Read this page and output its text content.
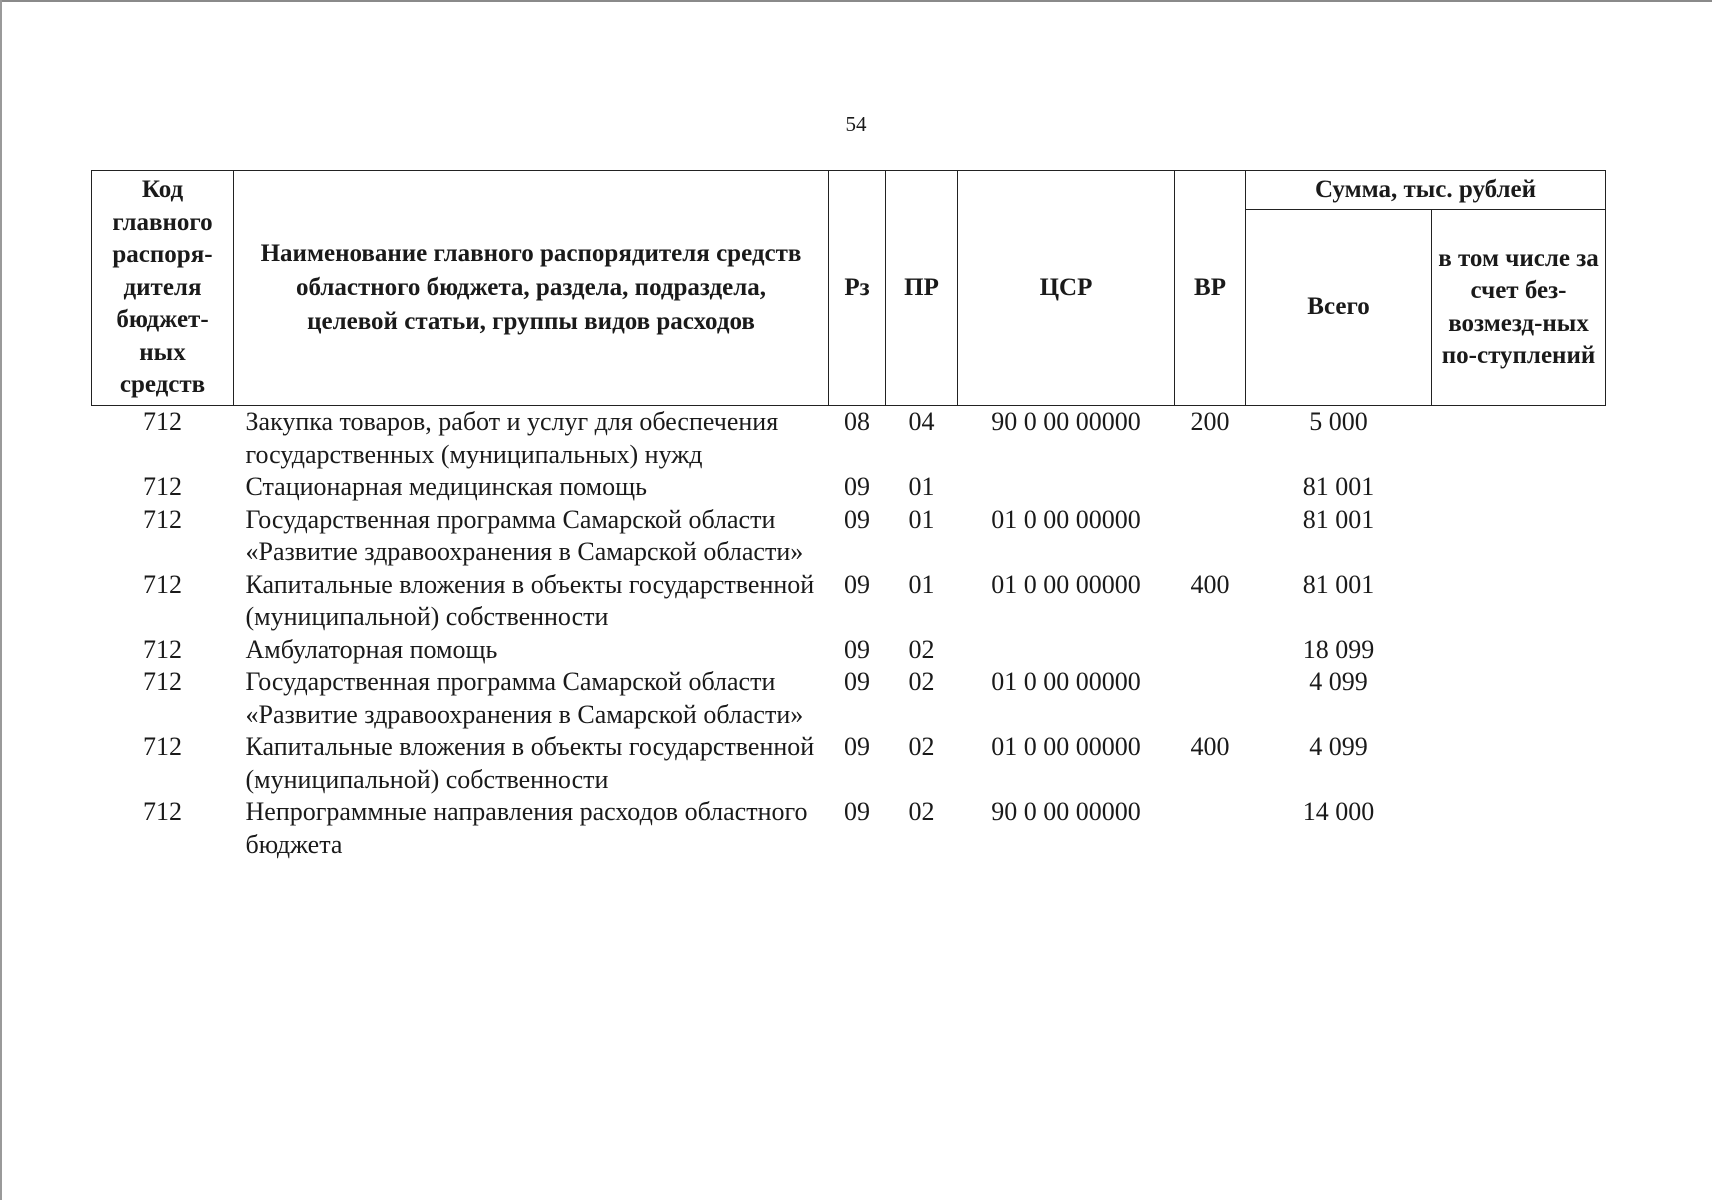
54
Код главного распоря-дителя бюджет-ных средств	Наименование главного распорядителя средств областного бюджета, раздела, подраздела, целевой статьи, группы видов расходов	Рз	ПР	ЦСР	ВР	Сумма, тыс. рублей	
						Всего	в том числе за счет без-возмезд-ных по-ступлений
712	Закупка товаров, работ и услуг для обеспечения государственных (муниципальных) нужд	08	04	90 0 00 00000	200	5 000	
712	Стационарная медицинская помощь	09	01			81 001	
712	Государственная программа Самарской области «Развитие здравоохранения в Самарской области»	09	01	01 0 00 00000		81 001	
712	Капитальные вложения в объекты государственной (муниципальной) собственности	09	01	01 0 00 00000	400	81 001	
712	Амбулаторная помощь	09	02			18 099	
712	Государственная программа Самарской области «Развитие здравоохранения в Самарской области»	09	02	01 0 00 00000		4 099	
712	Капитальные вложения в объекты государственной (муниципальной) собственности	09	02	01 0 00 00000	400	4 099	
712	Непрограммные направления расходов областного бюджета	09	02	90 0 00 00000		14 000	
